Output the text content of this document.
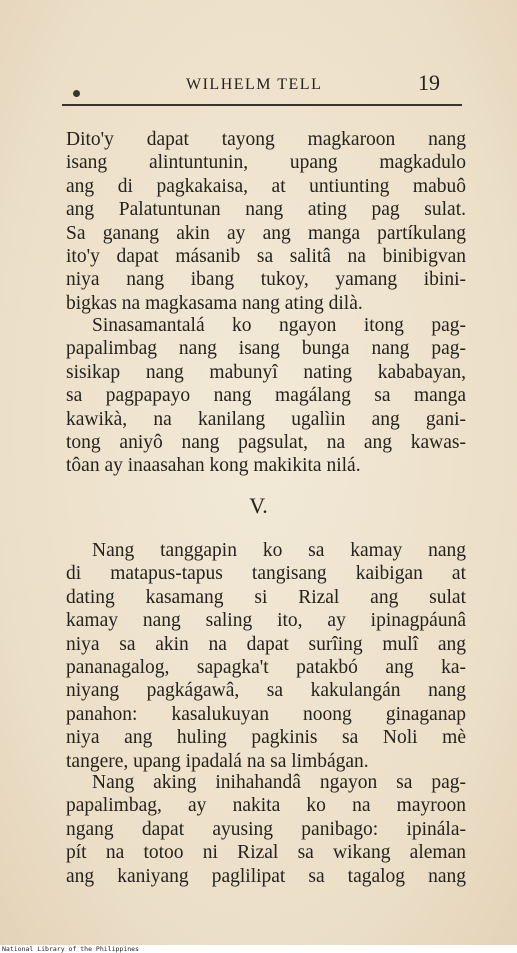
WILHELM TELL	19
Dito'y dapat tayong magkaroon nang
isang alintuntunin, upang magkadulo
ang di pagkakaisa, at untiunting mabuô
ang Palatuntunan nang ating pag sulat.
Sa ganang akin ay ang manga partíkulang
ito'y dapat másanib sa salitâ na binibigvan
niya nang ibang tukoy, yamang ibini-
bigkas na magkasama nang ating dilà.
Sinasamantalá ko ngayon itong pag-
papalimbag nang isang bunga nang pag-
sisikap nang mabunyî nating kababayan,
sa pagpapayo nang magálang sa manga
kawikà, na kanilang ugalìin ang gani-
tong aniyô nang pagsulat, na ang kawas-
tôan ay inaasahan kong makikita nilá.
V.
Nang tanggapin ko sa kamay nang
di matapus-tapus tangisang kaibigan at
dating kasamang si Rizal ang sulat
kamay nang saling ito, ay ipinagpáunâ
niya sa akin na dapat surîing mulî ang
pananagalog, sapagka't patakbó ang ka-
niyang pagkágawâ, sa kakulangán nang
panahon: kasalukuyan noong ginaganap
niya ang huling pagkinis sa Noli mè
tangere, upang ipadalá na sa limbágan.
Nang aking inihahandâ ngayon sa pag-
papalimbag, ay nakita ko na mayroon
ngang dapat ayusing panibago: ipinála-
pít na totoo ni Rizal sa wikang aleman
ang kaniyang paglilipat sa tagalog nang
National Library of the Philippines
